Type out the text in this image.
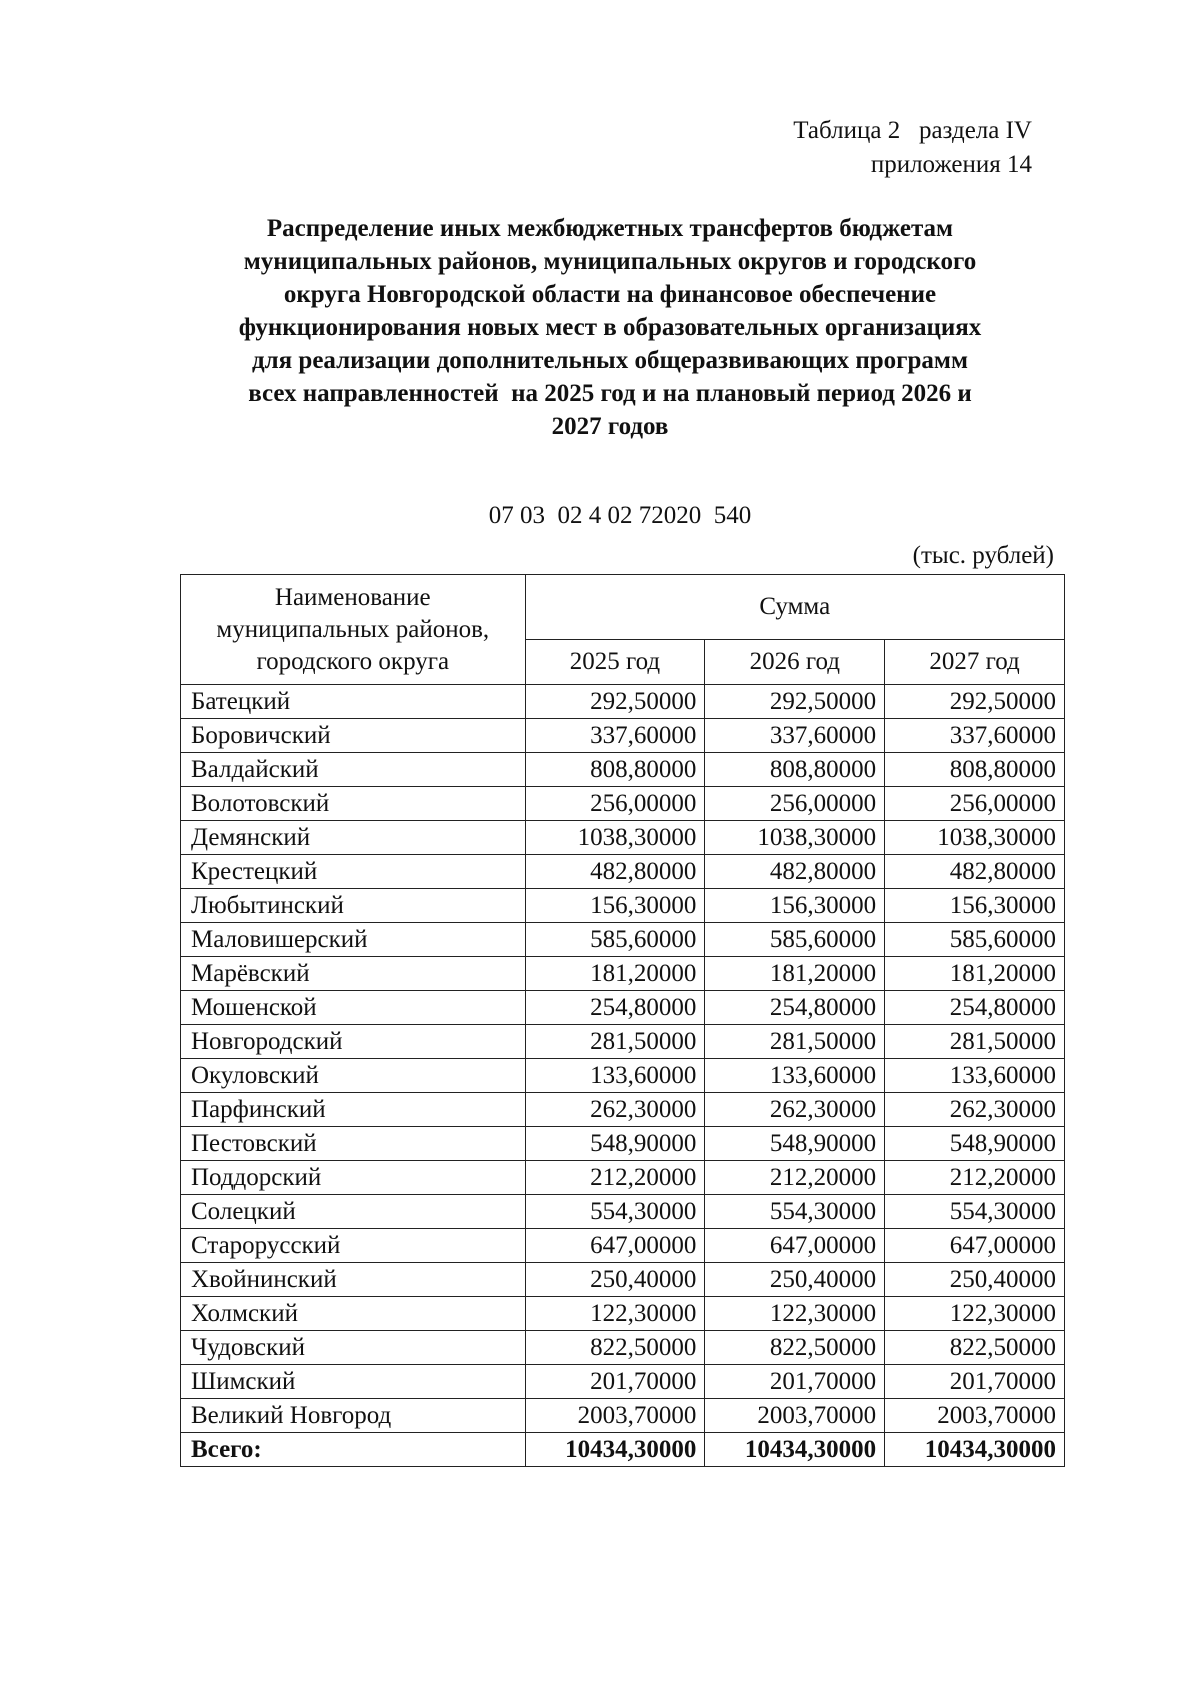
Таблица 2   раздела IV
приложения 14
Распределение иных межбюджетных трансфертов бюджетам
муниципальных районов, муниципальных округов и городского
округа Новгородской области на финансовое обеспечение
функционирования новых мест в образовательных организациях
для реализации дополнительных общеразвивающих программ
всех направленностей  на 2025 год и на плановый период 2026 и
2027 годов
07 03  02 4 02 72020  540
(тыс. рублей)
Наименование
муниципальных районов,
городского округа	Сумма		
	2025 год	2026 год	2027 год
Батецкий	292,50000	292,50000	292,50000
Боровичский	337,60000	337,60000	337,60000
Валдайский	808,80000	808,80000	808,80000
Волотовский	256,00000	256,00000	256,00000
Демянский	1038,30000	1038,30000	1038,30000
Крестецкий	482,80000	482,80000	482,80000
Любытинский	156,30000	156,30000	156,30000
Маловишерский	585,60000	585,60000	585,60000
Марёвский	181,20000	181,20000	181,20000
Мошенской	254,80000	254,80000	254,80000
Новгородский	281,50000	281,50000	281,50000
Окуловский	133,60000	133,60000	133,60000
Парфинский	262,30000	262,30000	262,30000
Пестовский	548,90000	548,90000	548,90000
Поддорский	212,20000	212,20000	212,20000
Солецкий	554,30000	554,30000	554,30000
Старорусский	647,00000	647,00000	647,00000
Хвойнинский	250,40000	250,40000	250,40000
Холмский	122,30000	122,30000	122,30000
Чудовский	822,50000	822,50000	822,50000
Шимский	201,70000	201,70000	201,70000
Великий Новгород	2003,70000	2003,70000	2003,70000
Всего:	10434,30000	10434,30000	10434,30000
